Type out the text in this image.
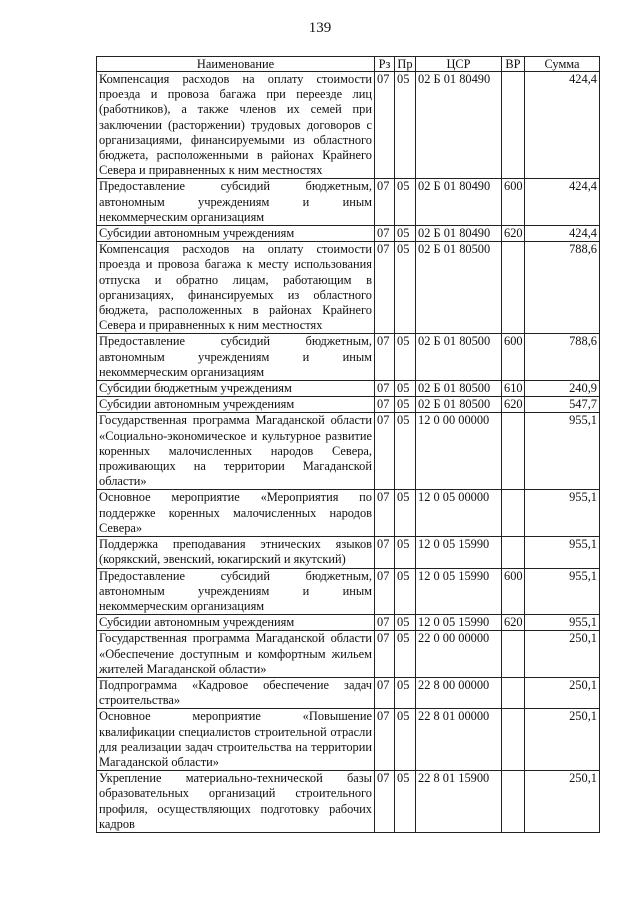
139
Наименование	Рз	Пр	ЦСР	ВР	Сумма
Компенсация расходов на оплату стоимости проезда и провоза багажа при переезде лиц (работников), а также членов их семей при заключении (расторжении) трудовых договоров с организациями, финансируемыми из областного бюджета, расположенными в районах Крайнего Севера и приравненных к ним местностях	07	05	02 Б 01 80490		424,4
Предоставление субсидий бюджетным, автономным учреждениям и иным некоммерческим организациям	07	05	02 Б 01 80490	600	424,4
Субсидии автономным учреждениям	07	05	02 Б 01 80490	620	424,4
Компенсация расходов на оплату стоимости проезда и провоза багажа к месту использования отпуска и обратно лицам, работающим в организациях, финансируемых из областного бюджета, расположенных в районах Крайнего Севера и приравненных к ним местностях	07	05	02 Б 01 80500		788,6
Предоставление субсидий бюджетным, автономным учреждениям и иным некоммерческим организациям	07	05	02 Б 01 80500	600	788,6
Субсидии бюджетным учреждениям	07	05	02 Б 01 80500	610	240,9
Субсидии автономным учреждениям	07	05	02 Б 01 80500	620	547,7
Государственная программа Магаданской области «Социально-экономическое и культурное развитие коренных малочисленных народов Севера, проживающих на территории Магаданской области»	07	05	12 0 00 00000		955,1
Основное мероприятие «Мероприятия по поддержке коренных малочисленных народов Севера»	07	05	12 0 05 00000		955,1
Поддержка преподавания этнических языков (корякский, эвенский, юкагирский и якутский)	07	05	12 0 05 15990		955,1
Предоставление субсидий бюджетным, автономным учреждениям и иным некоммерческим организациям	07	05	12 0 05 15990	600	955,1
Субсидии автономным учреждениям	07	05	12 0 05 15990	620	955,1
Государственная программа Магаданской области «Обеспечение доступным и комфортным жильем жителей Магаданской области»	07	05	22 0 00 00000		250,1
Подпрограмма «Кадровое обеспечение задач строительства»	07	05	22 8 00 00000		250,1
Основное мероприятие «Повышение квалификации специалистов строительной отрасли для реализации задач строительства на территории Магаданской области»	07	05	22 8 01 00000		250,1
Укрепление материально-технической базы образовательных организаций строительного профиля, осуществляющих подготовку рабочих кадров	07	05	22 8 01 15900		250,1
